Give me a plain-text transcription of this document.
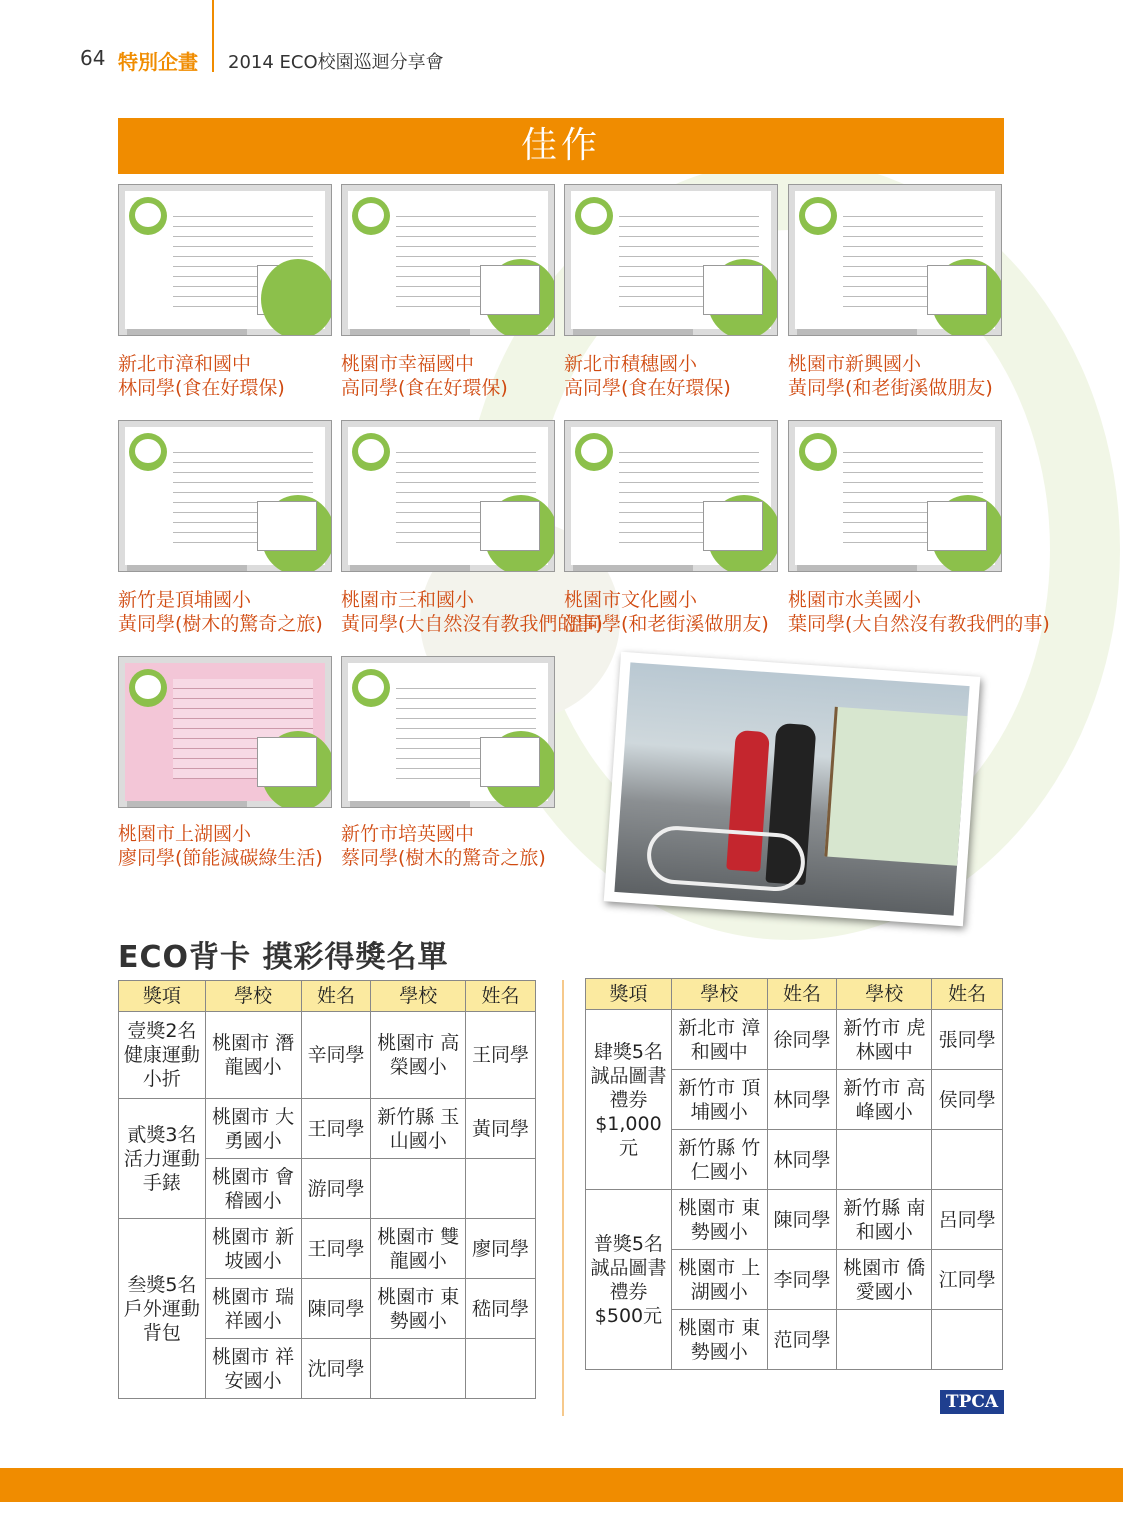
64 特別企畫 2014 ECO校園巡迴分享會
佳作
新北市漳和國中
林同學(食在好環保)
桃園市幸福國中
高同學(食在好環保)
新北市積穗國小
高同學(食在好環保)
桃園市新興國小
黃同學(和老街溪做朋友)
新竹是頂埔國小
黃同學(樹木的驚奇之旅)
桃園市三和國小
黃同學(大自然沒有教我們的事)
桃園市文化國小
溫同學(和老街溪做朋友)
桃園市水美國小
葉同學(大自然沒有教我們的事)
桃園市上湖國小
廖同學(節能減碳綠生活)
新竹市培英國中
蔡同學(樹木的驚奇之旅)
ECO背卡 摸彩得獎名單
獎項	學校	姓名	學校	姓名
壹獎2名 健康運動小折	桃園市 潛龍國小	辛同學	桃園市 高榮國小	王同學
貳獎3名 活力運動手錶	桃園市 大勇國小	王同學	新竹縣 玉山國小	黃同學
	桃園市 會稽國小	游同學		
叁獎5名 戶外運動背包	桃園市 新坡國小	王同學	桃園市 雙龍國小	廖同學
	桃園市 瑞祥國小	陳同學	桃園市 東勢國小	嵇同學
	桃園市 祥安國小	沈同學		
獎項	學校	姓名	學校	姓名
肆獎5名 誠品圖書禮券 $1,000 元	新北市 漳和國中	徐同學	新竹市 虎林國中	張同學
	新竹市 頂埔國小	林同學	新竹市 高峰國小	侯同學
	新竹縣 竹仁國小	林同學		
普獎5名 誠品圖書禮券 $500元	桃園市 東勢國小	陳同學	新竹縣 南和國小	呂同學
	桃園市 上湖國小	李同學	桃園市 僑愛國小	江同學
	桃園市 東勢國小	范同學		
TPCA
